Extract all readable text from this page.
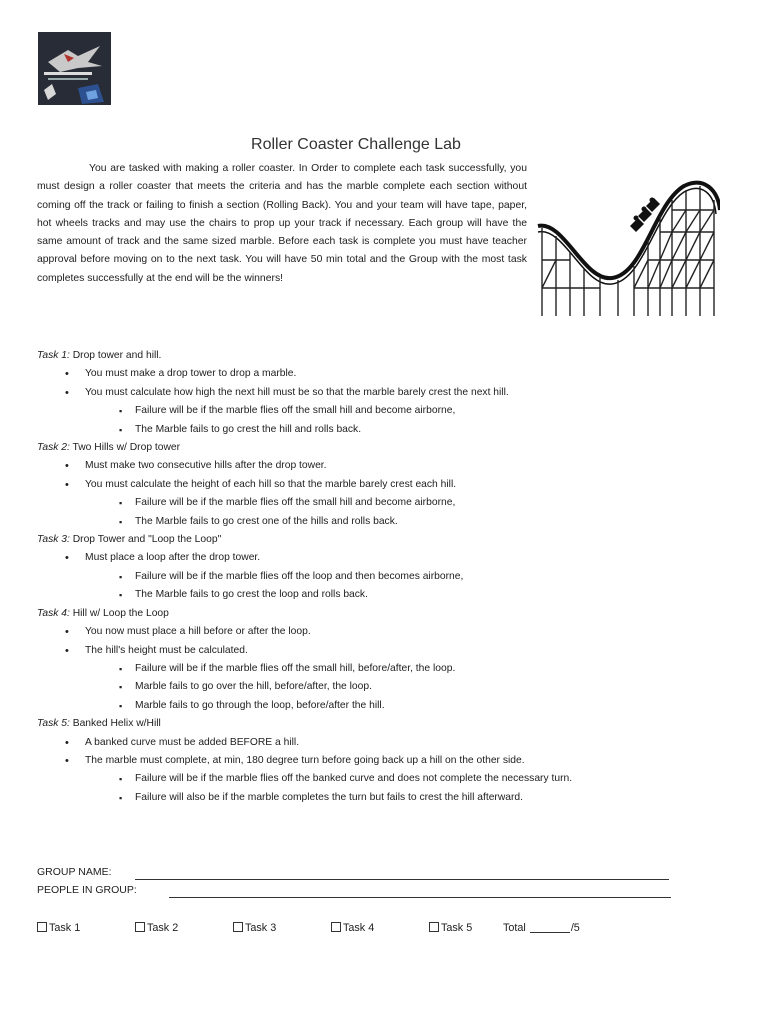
Roller Coaster Challenge Lab
You are tasked with making a roller coaster. In Order to complete each task successfully, you must design a roller coaster that meets the criteria and has the marble complete each section without coming off the track or failing to finish a section (Rolling Back). You and your team will have tape, paper, hot wheels tracks and may use the chairs to prop up your track if necessary. Each group will have the same amount of track and the same sized marble. Before each task is complete you must have teacher approval before moving on to the next task. You will have 50 min total and the Group with the most task completes successfully at the end will be the winners!
Task 1: Drop tower and hill.
• You must make a drop tower to drop a marble.
• You must calculate how high the next hill must be so that the marble barely crest the next hill.
▪ Failure will be if the marble flies off the small hill and become airborne,
▪ The Marble fails to go crest the hill and rolls back.
Task 2: Two Hills w/ Drop tower
• Must make two consecutive hills after the drop tower.
• You must calculate the height of each hill so that the marble barely crest each hill.
▪ Failure will be if the marble flies off the small hill and become airborne,
▪ The Marble fails to go crest one of the hills and rolls back.
Task 3: Drop Tower and "Loop the Loop"
• Must place a loop after the drop tower.
▪ Failure will be if the marble flies off the loop and then becomes airborne,
▪ The Marble fails to go crest the loop and rolls back.
Task 4: Hill w/ Loop the Loop
• You now must place a hill before or after the loop.
• The hill's height must be calculated.
▪ Failure will be if the marble flies off the small hill, before/after, the loop.
▪ Marble fails to go over the hill, before/after, the loop.
▪ Marble fails to go through the loop, before/after the hill.
Task 5: Banked Helix w/Hill
• A banked curve must be added BEFORE a hill.
• The marble must complete, at min, 180 degree turn before going back up a hill on the other side.
▪ Failure will be if the marble flies off the banked curve and does not complete the necessary turn.
▪ Failure will also be if the marble completes the turn but fails to crest the hill afterward.
GROUP NAME:
PEOPLE IN GROUP:
Task 1	Task 2	Task 3	Task 4	Task 5	Total	/5
